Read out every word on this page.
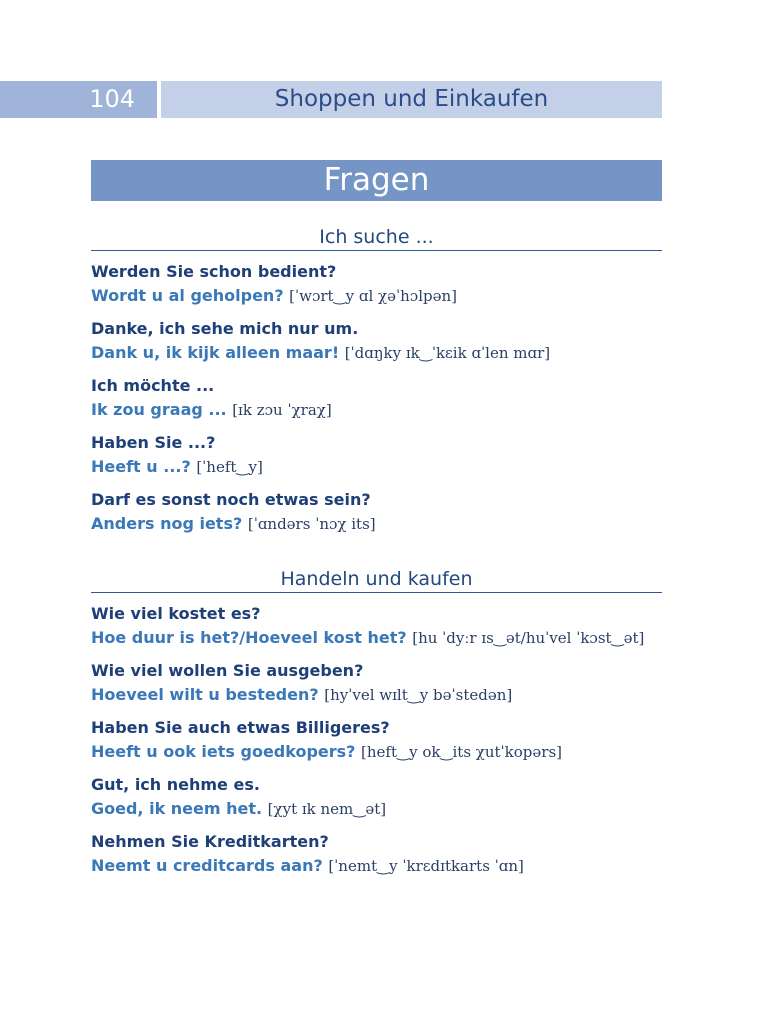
104	Shoppen und Einkaufen
Fragen
Ich suche ...
Werden Sie schon bedient?
Wordt u al geholpen? [ˈwɔrt‿y ɑl χəˈhɔlpən]
Danke, ich sehe mich nur um.
Dank u, ik kijk alleen maar! [ˈdɑŋky ɪk‿ˈkɛik ɑˈlen mɑr]
Ich möchte ...
Ik zou graag ... [ɪk zɔu ˈχraχ]
Haben Sie ...?
Heeft u ...? [ˈheft‿y]
Darf es sonst noch etwas sein?
Anders nog iets? [ˈɑndərs ˈnɔχ its]
Handeln und kaufen
Wie viel kostet es?
Hoe duur is het?/Hoeveel kost het? [hu ˈdyːr ɪs‿ət/huˈvel ˈkɔst‿ət]
Wie viel wollen Sie ausgeben?
Hoeveel wilt u besteden? [hyˈvel wɪlt‿y bəˈstedən]
Haben Sie auch etwas Billigeres?
Heeft u ook iets goedkopers? [heft‿y ok‿its χutˈkopərs]
Gut, ich nehme es.
Goed, ik neem het. [χyt ɪk nem‿ət]
Nehmen Sie Kreditkarten?
Neemt u creditcards aan? [ˈnemt‿y ˈkrɛdɪtkarts ˈɑn]
